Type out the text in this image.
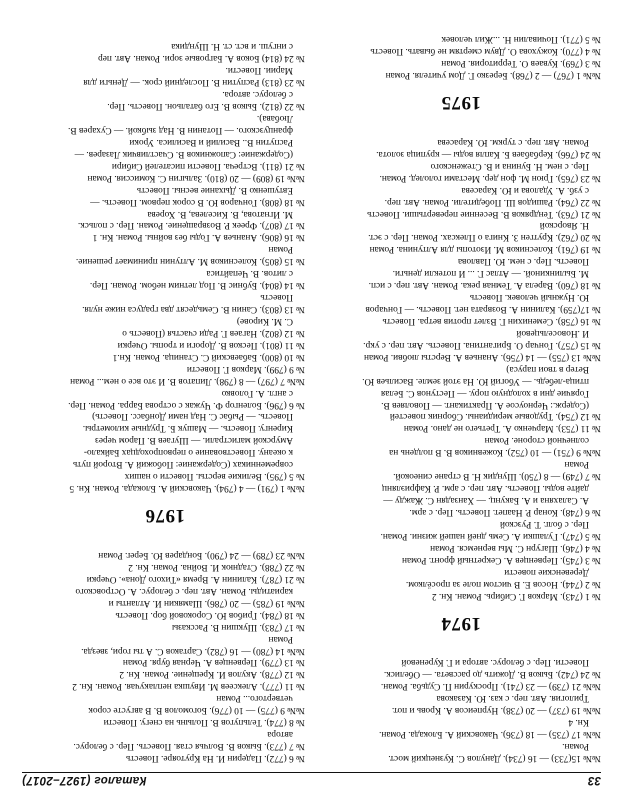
33
Каталог (1927–2017)
№№ 15(733) — 16 (734). Данулов С. Кузнецкий мост.
Роман.
№№ 17 (735) — 18 (736). Чаковский А. Блокада. Роман.
Кн. 4
№№ 19 (737) — 20 (738). Нурпеисов А. Кровь и пот.
Трилогия. Авт. пер. с каз. Ю. Казакова
№№ 21 (739) — 23 (741). Проскурин П. Судьба. Роман.
№ 24 (742). Быков В. Дожить до рассвета. — Обелиск.
Повести. Пер. с белорус. автора и Г. Куреневой
1974
№ 1 (743). Марков Г. Сибирь. Роман. Кн. 2
№ 2 (744). Носов Е. В чистом поле за просёлком.
Деревенские повести
№ 3 (745). Первенцев А. Секретный фронт. Роман
№ 4 (746). Шагурн С. Мы вернемся. Роман
№ 5 (747). Гулашки А. Семь дней нашей жизни. Роман.
Пер. с болг. Т. Рузской
№ 6 (748). Конар Р. Наапет. Повесть. Пер. с арм.
А. Салахяна и А. Бакунц. — Ханзадян С. Жажду —
дайте воды. Повесть. Авт. пер. с арм. Р. Кафриэлянц
№ 7 (749) — 8 (750). Шундик Н. В стране синеокой.
Роман
№№ 9 (751) — 10 (752). Кожевников В. В полдень на
солнечной стороне. Роман
№ 11 (753). Марченко А. Третьего не дано. Роман
№ 12 (754). Трудовые меридианы. Сборник повестей
(Содерж.: Черноусое А. Практикант. — Поволяев В.
Горячие дни в холодную пору. — Пестунов С. Белая
птица-лебедь. — Убогий Ю. На этой земле. Васильев Ю.
Ветер в твои паруса)
№№ 13 (755) — 14 (756). Ананьев А. Версты любви. Роман
№ 15 (757). Гончар О. Бригантина. Повесть. Авт. пер. с укр.
И .Новосельцевой
№ 16 (758). Семенихин Г. Взлет против ветра. Повесть
№ 17(759). Калинин А. Возврата нет. Повесть. — Гончаров
Ю. Нужный человек. Повесть
№ 18 (760). Варела А. Темная река. Роман. Авт. пер. с исп.
М. Былинкиной. — Атлас Г. ... И потекли деньги.
Повесть. Пер. с нем. Ю. Павлова
№ 19 (761). Колесников М. Изотопы для Алтунина. Роман
№ 20 (762). Крутген З. Книга о Плексах. Роман. Пер. с эст.
Н. Яворской
№ 21 (763). Тендряков В. Весенние перевертыши. Повесть
№ 22 (764). Рашидов Ш. Победители. Роман. Авт. пер.
с узб. А. Удалова и Ю. Карасева
№ 23 (765). Грюн М. фон дер. Местами гололед. Роман.
Пер. с нем. Н. Бунина и В. Стеженского
№ 24 (766). Кербабаев Б. Капля воды — крупица золота.
Роман. Авт. пер. с туркм. Ю. Карасева
1975
№№ 1 (767) — 2 (768). Березко Г. Дом учителя. Роман
№ 3 (769). Куваев О. Территория. Роман
№ 4 (770). Кожухова О. Двум смертям не бывать. Повесть
№ 5 (771). Почивалин Н. ...Жил человек
№ 6 (772). Падерин И. На Крутояре. Повесть
№ 7 (773). Быков В. Волчья стая. Повесть. Пер. с белорус.
автора
№ 8 (774). Тельпугов В. Полынь на снегу. Повести
№№ 9 (775) — 10 (776). Богомолов В. В августе сорок
четвертого... Роман
№ 11 (777). Алексеев М. Ивушка неплакучая. Роман. Кн. 2
№ 12 (778). Акулов И. Крещение. Роман. Кн. 2
№ 13 (779). Первенцев А. Черная буря. Роман
№№ 14 (780) — 16 (782). Сартаков С. А ты гори, звезда.
Роман
№ 17 (783). Шукшин В. Рассказы
№ 18 (784). Грибов Ю. Сороковой бор. Повесть
№№ 19 (785) — 20 (786). Шамякин И. Атланты и
кариатиды. Роман. Авт. пер. с белорус. А. Островского
№ 21 (787). Калинин А. Время «Тихого Дона». Очерки
№ 22 (788). Стаднюк И. Война. Роман. Кн. 2
№№ 23 (789) — 24 (790). Бондарев Ю. Берег. Роман
1976
№№ 1 (791) — 4 (794). Чаковский А. Блокада. Роман. Кн. 5
№ 5 (795). Великие версты. Повести о наших
современниках (Содержание: Побожий А. Второй путь
к океану. Повествование о первопроходцах Байкало-
Амурской магистрали. — Шугаев В. Паром через
Киренгу. Повесть. — Машук Б. Трудные километры.
Повесть. — Рыбас С. Над нами Донбасс. Повесть)
№ 6 (796). Боленгор Ф. Чужак с острова Барра. Роман. Пер.
с англ. А. Головко
№№ 7 (797) — 8 (798). Липатов В. И это все о нем... Роман
№ 9 (799). Марков Г. Повести
№ 10 (800). Бабаевский С. Станица. Роман. Кн.1
№ 11 (801). Песков В. Дороги и тропы. Очерки
№ 12 (802). Нагаев Г. Ради счастья (Повесть о
С. М. Кирове)
№ 13 (803). Санин В. Семьдесят два градуса ниже нуля.
Повесть
№ 14 (804). Бубнис В. Под летним небом. Роман. Пер.
с литов. В. Чепайтиса
№ 15 (805). Колесников М. Алтунин принимает решение.
Роман
№ 16 (806). Ананьев А. Годы без войны. Роман. Кн. 1
№ 17 (807). Фреек Р. Возвращение. Роман. Пер. с польск.
М. Игнатова, В. Киселева, В. Хорева
№ 18 (808). Гончаров Ю. В сорок первом. Повесть. —
Евтушенко В. Дыхание весны. Повесть
№№ 19 (809) — 20 (810). Залыгин С. Комиссия. Роман
№ 21 (811). Встреча. Повести писателей Сибири
(Содержание: Сапожников В. Счастливчик Лазарев. —
Распутин В.. Василий и Василиса. Уроки
французского. — Потанин В. Над зыбкой. — Сухарев В.
Любава).
№ 22 (812). Быков В. Его батальон. Повесть. Пер.
с белорус. автора.
№ 23 (813) Распутин В. Последний срок. — Деньги для
Марии. Повести.
№ 24 (814) Боков А. Багровые зори. Роман. Авт. пер
с ингуш. и вст. ст. Н. Шундика
